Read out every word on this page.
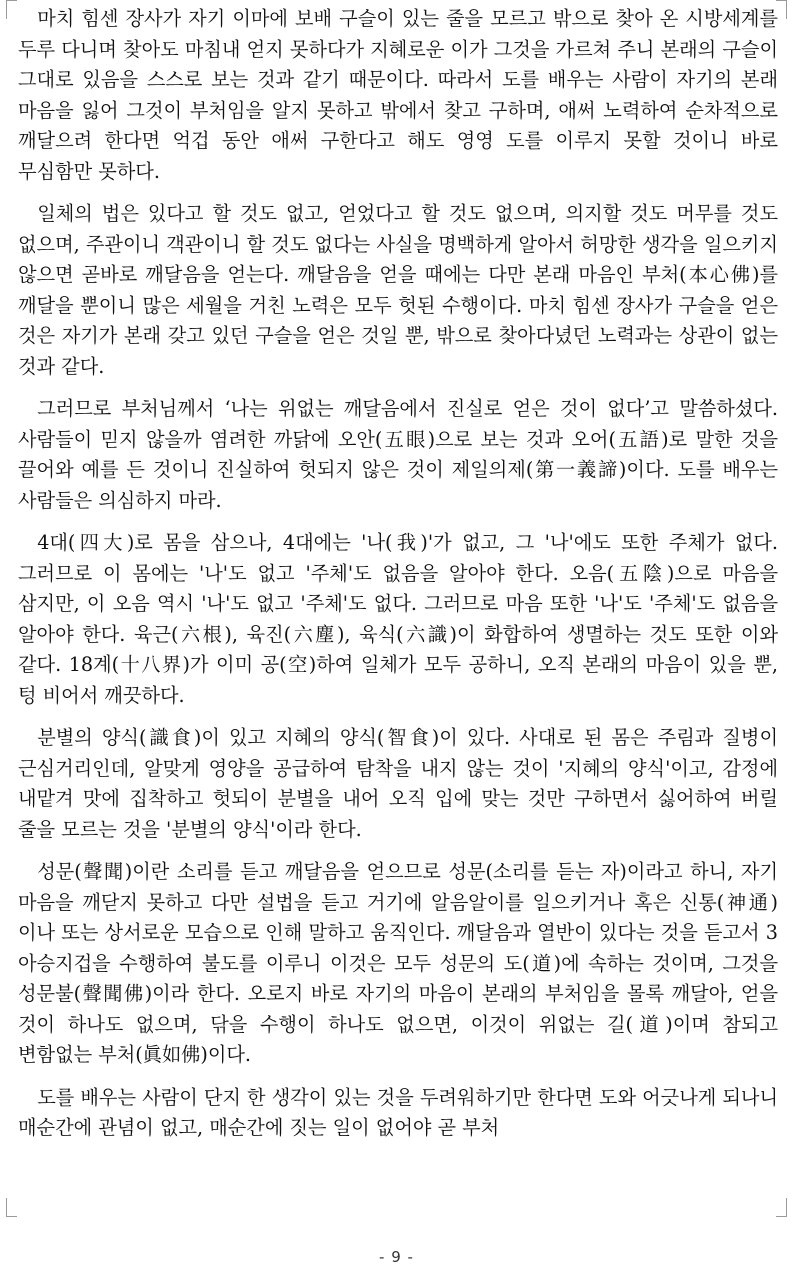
마치 힘센 장사가 자기 이마에 보배 구슬이 있는 줄을 모르고 밖으로 찾아 온 시방세계를 두루 다니며 찾아도 마침내 얻지 못하다가 지혜로운 이가 그것을 가르쳐 주니 본래의 구슬이 그대로 있음을 스스로 보는 것과 같기 때문이다. 따라서 도를 배우는 사람이 자기의 본래 마음을 잃어 그것이 부처임을 알지 못하고 밖에서 찾고 구하며, 애써 노력하여 순차적으로 깨달으려 한다면 억겁 동안 애써 구한다고 해도 영영 도를 이루지 못할 것이니 바로 무심함만 못하다.

일체의 법은 있다고 할 것도 없고, 얻었다고 할 것도 없으며, 의지할 것도 머무를 것도 없으며, 주관이니 객관이니 할 것도 없다는 사실을 명백하게 알아서 허망한 생각을 일으키지 않으면 곧바로 깨달음을 얻는다. 깨달음을 얻을 때에는 다만 본래 마음인 부처(本心佛)를 깨달을 뿐이니 많은 세월을 거친 노력은 모두 헛된 수행이다. 마치 힘센 장사가 구슬을 얻은 것은 자기가 본래 갖고 있던 구슬을 얻은 것일 뿐, 밖으로 찾아다녔던 노력과는 상관이 없는 것과 같다.

그러므로 부처님께서 ‘나는 위없는 깨달음에서 진실로 얻은 것이 없다’고 말씀하셨다. 사람들이 믿지 않을까 염려한 까닭에 오안(五眼)으로 보는 것과 오어(五語)로 말한 것을 끌어와 예를 든 것이니 진실하여 헛되지 않은 것이 제일의제(第一義諦)이다. 도를 배우는 사람들은 의심하지 마라.

4대(四大)로 몸을 삼으나, 4대에는 '나(我)'가 없고, 그 '나'에도 또한 주체가 없다. 그러므로 이 몸에는 '나'도 없고 '주체'도 없음을 알아야 한다. 오음(五陰)으로 마음을 삼지만, 이 오음 역시 '나'도 없고 '주체'도 없다. 그러므로 마음 또한 '나'도 '주체'도 없음을 알아야 한다. 육근(六根), 육진(六塵), 육식(六識)이 화합하여 생멸하는 것도 또한 이와 같다. 18계(十八界)가 이미 공(空)하여 일체가 모두 공하니, 오직 본래의 마음이 있을 뿐, 텅 비어서 깨끗하다.

분별의 양식(識食)이 있고 지혜의 양식(智食)이 있다. 사대로 된 몸은 주림과 질병이 근심거리인데, 알맞게 영양을 공급하여 탐착을 내지 않는 것이 '지혜의 양식'이고, 감정에 내맡겨 맛에 집착하고 헛되이 분별을 내어 오직 입에 맞는 것만 구하면서 싫어하여 버릴 줄을 모르는 것을 '분별의 양식'이라 한다.

성문(聲聞)이란 소리를 듣고 깨달음을 얻으므로 성문(소리를 듣는 자)이라고 하니, 자기 마음을 깨닫지 못하고 다만 설법을 듣고 거기에 알음알이를 일으키거나 혹은 신통(神通)이나 또는 상서로운 모습으로 인해 말하고 움직인다. 깨달음과 열반이 있다는 것을 듣고서 3 아승지겁을 수행하여 불도를 이루니 이것은 모두 성문의 도(道)에 속하는 것이며, 그것을 성문불(聲聞佛)이라 한다. 오로지 바로 자기의 마음이 본래의 부처임을 몰록 깨달아, 얻을 것이 하나도 없으며, 닦을 수행이 하나도 없으면, 이것이 위없는 길(道)이며 참되고 변함없는 부처(眞如佛)이다.

도를 배우는 사람이 단지 한 생각이 있는 것을 두려워하기만 한다면 도와 어긋나게 되나니 매순간에 관념이 없고, 매순간에 짓는 일이 없어야 곧 부처

- 9 -
